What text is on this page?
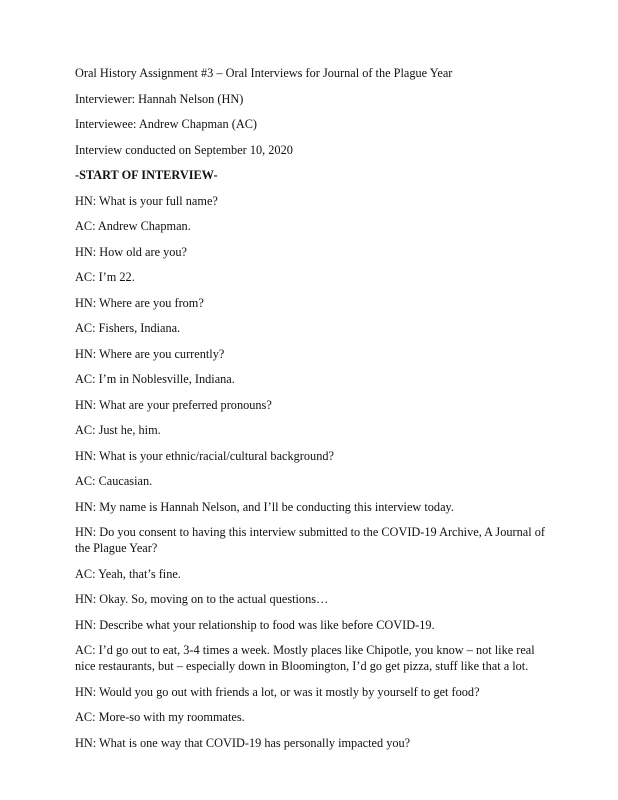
Oral History Assignment #3 – Oral Interviews for Journal of the Plague Year

Interviewer: Hannah Nelson (HN)

Interviewee: Andrew Chapman (AC)

Interview conducted on September 10, 2020

-START OF INTERVIEW-

HN: What is your full name?

AC: Andrew Chapman.

HN: How old are you?

AC: I’m 22.

HN: Where are you from?

AC: Fishers, Indiana.

HN: Where are you currently?

AC: I’m in Noblesville, Indiana.

HN: What are your preferred pronouns?

AC: Just he, him.

HN: What is your ethnic/racial/cultural background?

AC: Caucasian.

HN: My name is Hannah Nelson, and I’ll be conducting this interview today.

HN: Do you consent to having this interview submitted to the COVID-19 Archive, A Journal of the Plague Year?

AC: Yeah, that’s fine.

HN: Okay. So, moving on to the actual questions…

HN: Describe what your relationship to food was like before COVID-19.

AC: I’d go out to eat, 3-4 times a week. Mostly places like Chipotle, you know – not like real nice restaurants, but – especially down in Bloomington, I’d go get pizza, stuff like that a lot.

HN: Would you go out with friends a lot, or was it mostly by yourself to get food?

AC: More-so with my roommates.

HN: What is one way that COVID-19 has personally impacted you?
